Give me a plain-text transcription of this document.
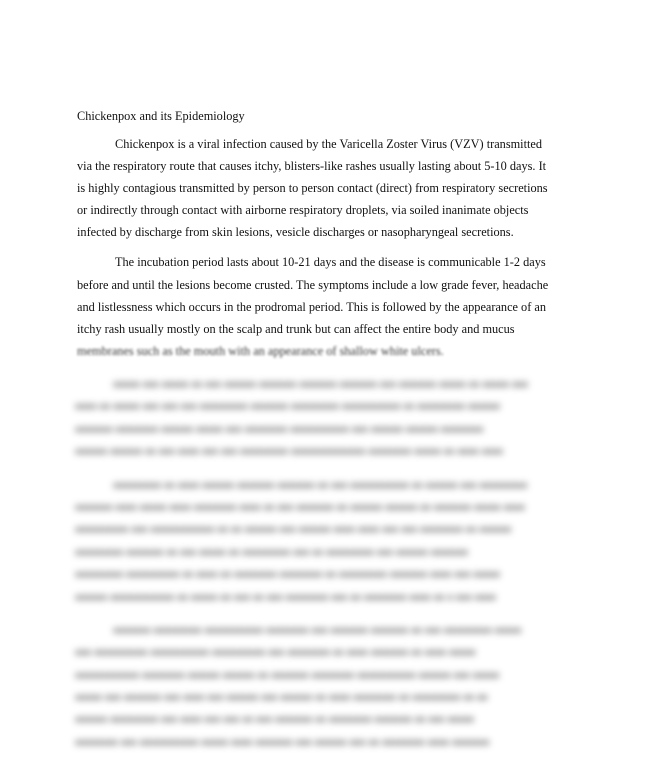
Chickenpox and its Epidemiology
Chickenpox is a viral infection caused by the Varicella Zoster Virus (VZV) transmitted
via the respiratory route that causes itchy, blisters-like rashes usually lasting about 5-10 days. It
is highly contagious transmitted by person to person contact (direct) from respiratory secretions
or indirectly through contact with airborne respiratory droplets, via soiled inanimate objects
infected by discharge from skin lesions, vesicle discharges or nasopharyngeal secretions.
The incubation period lasts about 10-21 days and the disease is communicable 1-2 days
before and until the lesions become crusted. The symptoms include a low grade fever, headache
and listlessness which occurs in the prodromal period. This is followed by the appearance of an
itchy rash usually mostly on the scalp and trunk but can affect the entire body and mucus
membranes such as the mouth with an appearance of shallow white ulcers.
aaaaa aaa aaaaa aa aaa aaaaaa aaaaaaa aaaaaaa aaaaaaa aaa aaaaaaa aaaaa aa aaaaa aaa
aaaa aa aaaaa aaa aaa aaa aaaaaaaaa aaaaaaa aaaaaaaaa aaaaaaaaaaa aa aaaaaaaaa aaaaaa
aaaaaaa aaaaaaaa aaaaaa aaaaa aaa aaaaaaaa aaaaaaaaaaa aaa aaaaaa aaaaaa aaaaaaaa
aaaaaa aaaaaa aa aaa aaaa aaa aaa aaaaaaaaa aaaaaaaaaaaaaa aaaaaaaa aaaaa aa aaaa aaaa
aaaaaaaaa aa aaaa aaaaaa aaaaaaa aaaaaaa aa aaa aaaaaaaaaaa aa aaaaaa aaa aaaaaaaaa
aaaaaaa aaaa aaaaa aaaa aaaaaaaa aaaa aa aaa aaaaaaa aa aaaaaa aaaaaa aa aaaaaaa aaaaa aaaa
aaaaaaaaaa aaa aaaaaaaaaaaa aa aa aaaaaa aaa aaaaaa aaaa aaaa aaa aaa aaaaaaaa aa aaaaaa
aaaaaaaaa aaaaaaa aa aaa aaaaa aa aaaaaaaaa aaa aa aaaaaaaaa aaa aaaaaa aaaaaaa
aaaaaaaaa aaaaaaaaaa aa aaaa aa aaaaaaaa aaaaaaaa aa aaaaaaaaa aaaaaaa aaaa aaa aaaaa
aaaaaa aaaaaaaaaaaa aa aaaaa aa aaa aa aaa aaaaaaaa aaa aa aaaaaaaa aaaa aa a aaa aaaa
aaaaaaa aaaaaaaaa aaaaaaaaaaa aaaaaaaa aaa aaaaaaa aaaaaaa aa aaa aaaaaaaaa aaaaa
aaa aaaaaaaaaa aaaaaaaaaaa aaaaaaaaaa aaa aaaaaaaa aa aaaa aaaaaaa aa aaaa aaaaa
aaaaaaaaaaaa aaaaaaaa aaaaaa aaaaaa aa aaaaaaa aaaaaaaa aaaaaaaaaaa aaaaaa aaa aaaaa
aaaaa aaa aaaaaaa aaa aaaa aaa aaaaaa aaa aaaaaa aa aaaa aaaaaaaa aa aaaaaaaaa aa aa
aaaaaa aaaaaaaaa aaa aaaa aaa aaa aa aaa aaaaaaa aa aaaaaaaa aaaaaaa aa aaa aaaaa
aaaaaaaa aaa aaaaaaaaaaa aaaaa aaaa aaaaaaa aaa aaaaaa aaa aa aaaaaaaa aaaa aaaaaaa
